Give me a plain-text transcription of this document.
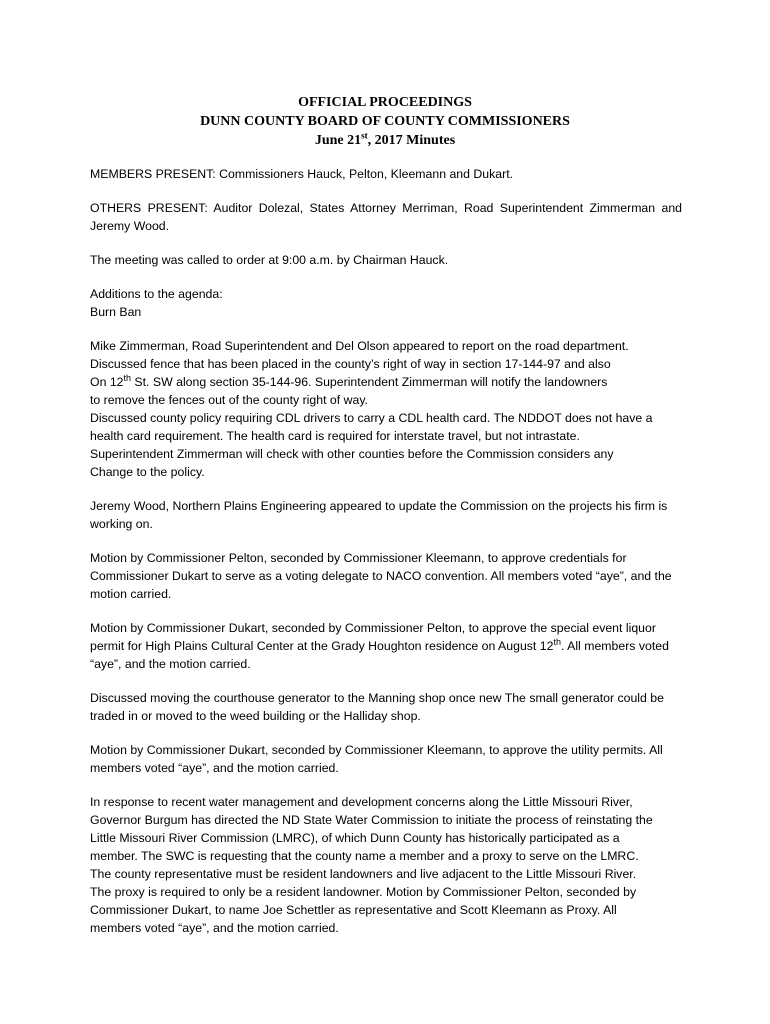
OFFICIAL PROCEEDINGS
DUNN COUNTY BOARD OF COUNTY COMMISSIONERS
June 21st, 2017 Minutes

MEMBERS PRESENT: Commissioners Hauck, Pelton, Kleemann and Dukart.

OTHERS PRESENT: Auditor Dolezal, States Attorney Merriman, Road Superintendent Zimmerman and Jeremy Wood.

The meeting was called to order at 9:00 a.m. by Chairman Hauck.

Additions to the agenda:
Burn Ban

Mike Zimmerman, Road Superintendent and Del Olson appeared to report on the road department.
Discussed fence that has been placed in the county’s right of way in section 17-144-97 and also
On 12th St. SW along section 35-144-96. Superintendent Zimmerman will notify the landowners
to remove the fences out of the county right of way.
Discussed county policy requiring CDL drivers to carry a CDL health card. The NDDOT does not have a
health card requirement. The health card is required for interstate travel, but not intrastate.
Superintendent Zimmerman will check with other counties before the Commission considers any
Change to the policy.

Jeremy Wood, Northern Plains Engineering appeared to update the Commission on the projects his firm is working on.

Motion by Commissioner Pelton, seconded by Commissioner Kleemann, to approve credentials for Commissioner Dukart to serve as a voting delegate to NACO convention. All members voted “aye”, and the motion carried.

Motion by Commissioner Dukart, seconded by Commissioner Pelton, to approve the special event liquor permit for High Plains Cultural Center at the Grady Houghton residence on August 12th. All members voted “aye”, and the motion carried.

Discussed moving the courthouse generator to the Manning shop once new The small generator could be traded in or moved to the weed building or the Halliday shop.

Motion by Commissioner Dukart, seconded by Commissioner Kleemann, to approve the utility permits. All members voted “aye”, and the motion carried.

In response to recent water management and development concerns along the Little Missouri River,
Governor Burgum has directed the ND State Water Commission to initiate the process of reinstating the
Little Missouri River Commission (LMRC), of which Dunn County has historically participated as a
member. The SWC is requesting that the county name a member and a proxy to serve on the LMRC.
The county representative must be resident landowners and live adjacent to the Little Missouri River.
The proxy is required to only be a resident landowner. Motion by Commissioner Pelton, seconded by
Commissioner Dukart, to name Joe Schettler as representative and Scott Kleemann as Proxy. All
members voted “aye”, and the motion carried.
